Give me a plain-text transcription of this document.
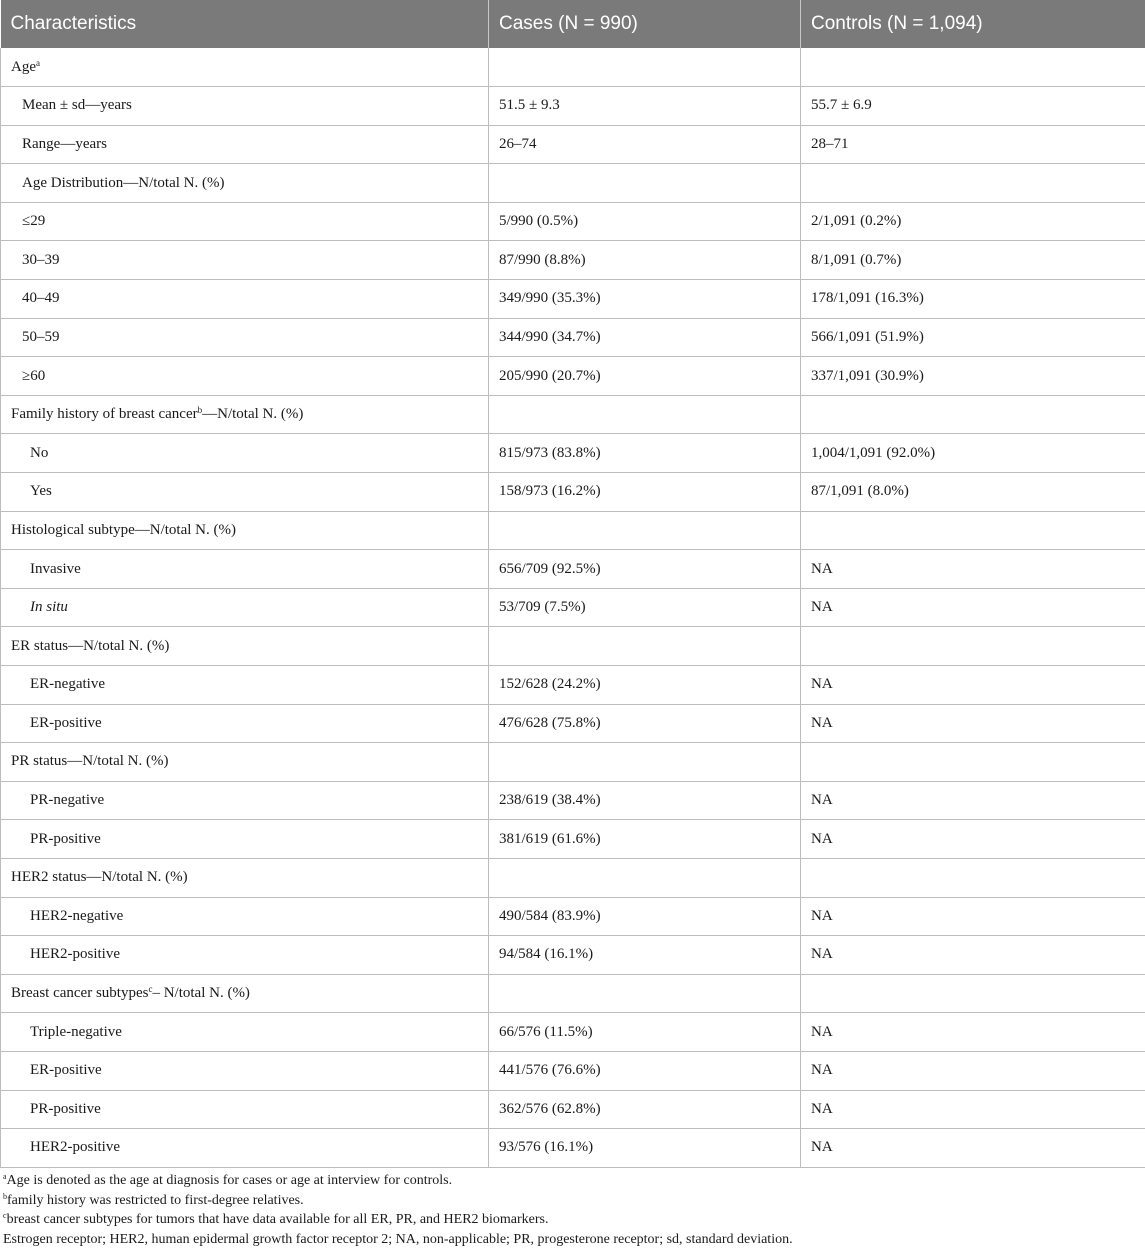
Characteristics	Cases (N = 990)	Controls (N = 1,094)
Age$^a$		
Mean ± sd—years	51.5 ± 9.3	55.7 ± 6.9
Range—years	26–74	28–71
Age Distribution—N/total N. (%)		
≤29	5/990 (0.5%)	2/1,091 (0.2%)
30–39	87/990 (8.8%)	8/1,091 (0.7%)
40–49	349/990 (35.3%)	178/1,091 (16.3%)
50–59	344/990 (34.7%)	566/1,091 (51.9%)
≥60	205/990 (20.7%)	337/1,091 (30.9%)
Family history of breast cancer$^b$—N/total N. (%)		
No	815/973 (83.8%)	1,004/1,091 (92.0%)
Yes	158/973 (16.2%)	87/1,091 (8.0%)
Histological subtype—N/total N. (%)		
Invasive	656/709 (92.5%)	NA
In situ	53/709 (7.5%)	NA
ER status—N/total N. (%)		
ER-negative	152/628 (24.2%)	NA
ER-positive	476/628 (75.8%)	NA
PR status—N/total N. (%)		
PR-negative	238/619 (38.4%)	NA
PR-positive	381/619 (61.6%)	NA
HER2 status—N/total N. (%)		
HER2-negative	490/584 (83.9%)	NA
HER2-positive	94/584 (16.1%)	NA
Breast cancer subtypes$^c$– N/total N. (%)		
Triple-negative	66/576 (11.5%)	NA
ER-positive	441/576 (76.6%)	NA
PR-positive	362/576 (62.8%)	NA
HER2-positive	93/576 (16.1%)	NA
$^a$Age is denoted as the age at diagnosis for cases or age at interview for controls.
$^b$family history was restricted to first-degree relatives.
$^c$breast cancer subtypes for tumors that have data available for all ER, PR, and HER2 biomarkers.
Estrogen receptor; HER2, human epidermal growth factor receptor 2; NA, non-applicable; PR, progesterone receptor; sd, standard deviation.
